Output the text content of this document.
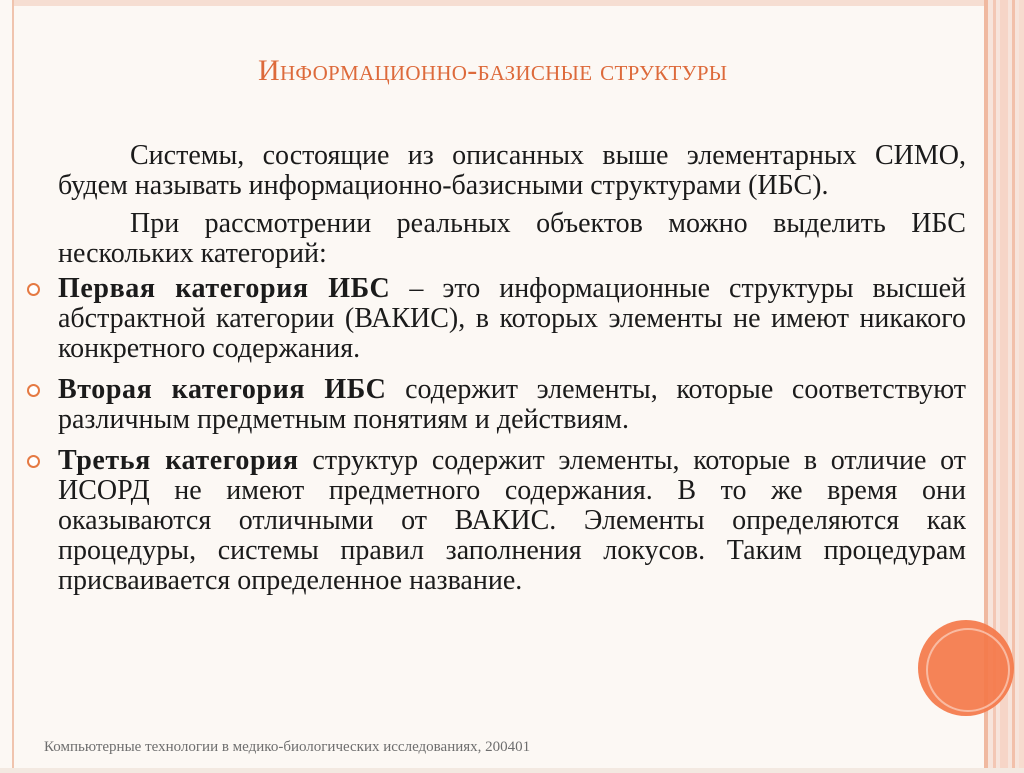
Информационно-базисные структуры

Системы, состоящие из описанных выше элементарных СИМО, будем называть информационно-базисными структурами (ИБС).

При рассмотрении реальных объектов можно выделить ИБС нескольких категорий:

Первая категория ИБС – это информационные структуры высшей абстрактной категории (ВАКИС), в которых элементы не имеют никакого конкретного содержания.
Вторая категория ИБС содержит элементы, которые соответствуют различным предметным понятиям и действиям.
Третья категория структур содержит элементы, которые в отличие от ИСОРД не имеют предметного содержания. В то же время они оказываются отличными от ВАКИС. Элементы определяются как процедуры, системы правил заполнения локусов. Таким процедурам присваивается определенное название.
Компьютерные технологии в медико-биологических исследованиях, 200401
